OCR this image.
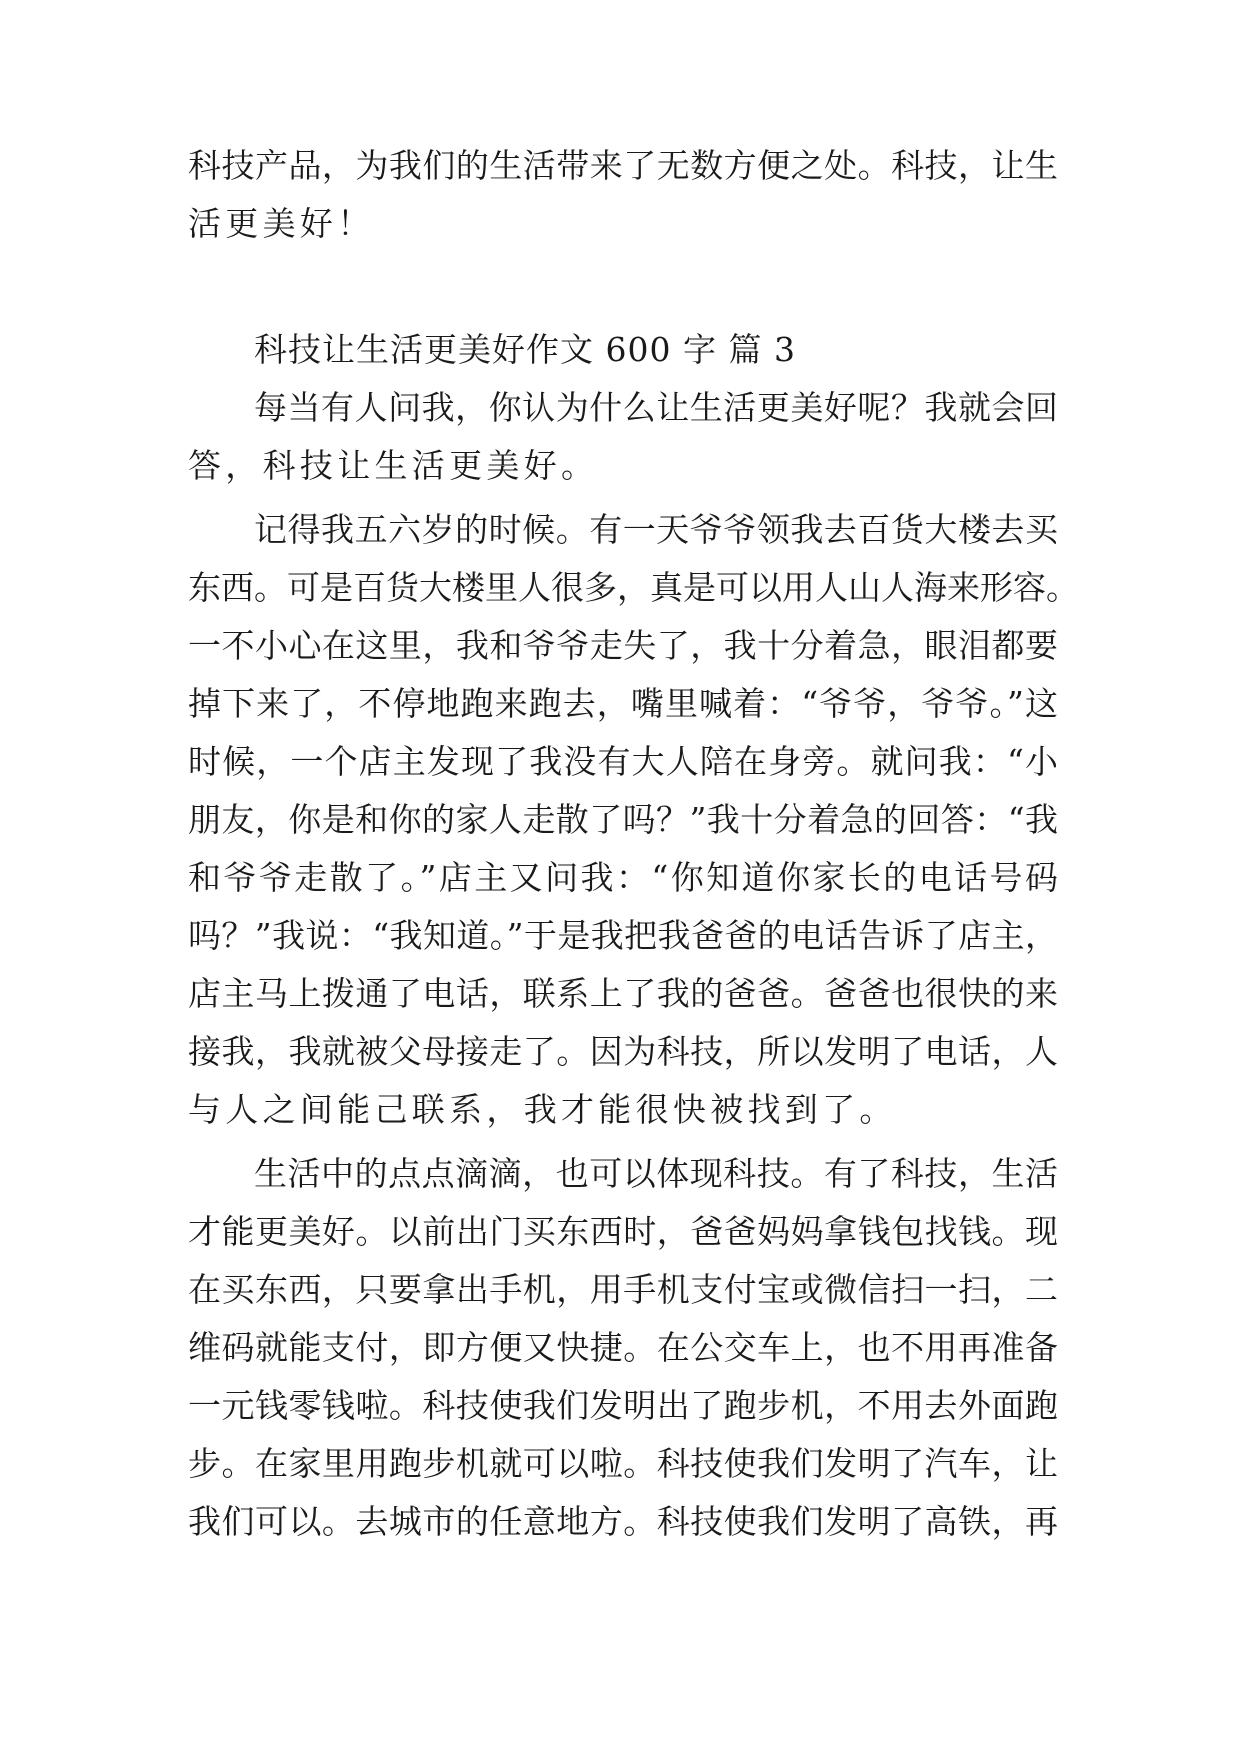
科技产品，为我们的生活带来了无数方便之处。科技，让生
活更美好！
科技让生活更美好作文 600 字 篇 3
每当有人问我，你认为什么让生活更美好呢？我就会回
答，科技让生活更美好。
记得我五六岁的时候。有一天爷爷领我去百货大楼去买
东西。可是百货大楼里人很多，真是可以用人山人海来形容。
一不小心在这里，我和爷爷走失了，我十分着急，眼泪都要
掉下来了，不停地跑来跑去，嘴里喊着：“爷爷，爷爷。”这
时候，一个店主发现了我没有大人陪在身旁。就问我：“小
朋友，你是和你的家人走散了吗？”我十分着急的回答：“我
和爷爷走散了。”店主又问我：“你知道你家长的电话号码
吗？”我说：“我知道。”于是我把我爸爸的电话告诉了店主，
店主马上拨通了电话，联系上了我的爸爸。爸爸也很快的来
接我，我就被父母接走了。因为科技，所以发明了电话，人
与人之间能己联系，我才能很快被找到了。
生活中的点点滴滴，也可以体现科技。有了科技，生活
才能更美好。以前出门买东西时，爸爸妈妈拿钱包找钱。现
在买东西，只要拿出手机，用手机支付宝或微信扫一扫，二
维码就能支付，即方便又快捷。在公交车上，也不用再准备
一元钱零钱啦。科技使我们发明出了跑步机，不用去外面跑
步。在家里用跑步机就可以啦。科技使我们发明了汽车，让
我们可以。去城市的任意地方。科技使我们发明了高铁，再
